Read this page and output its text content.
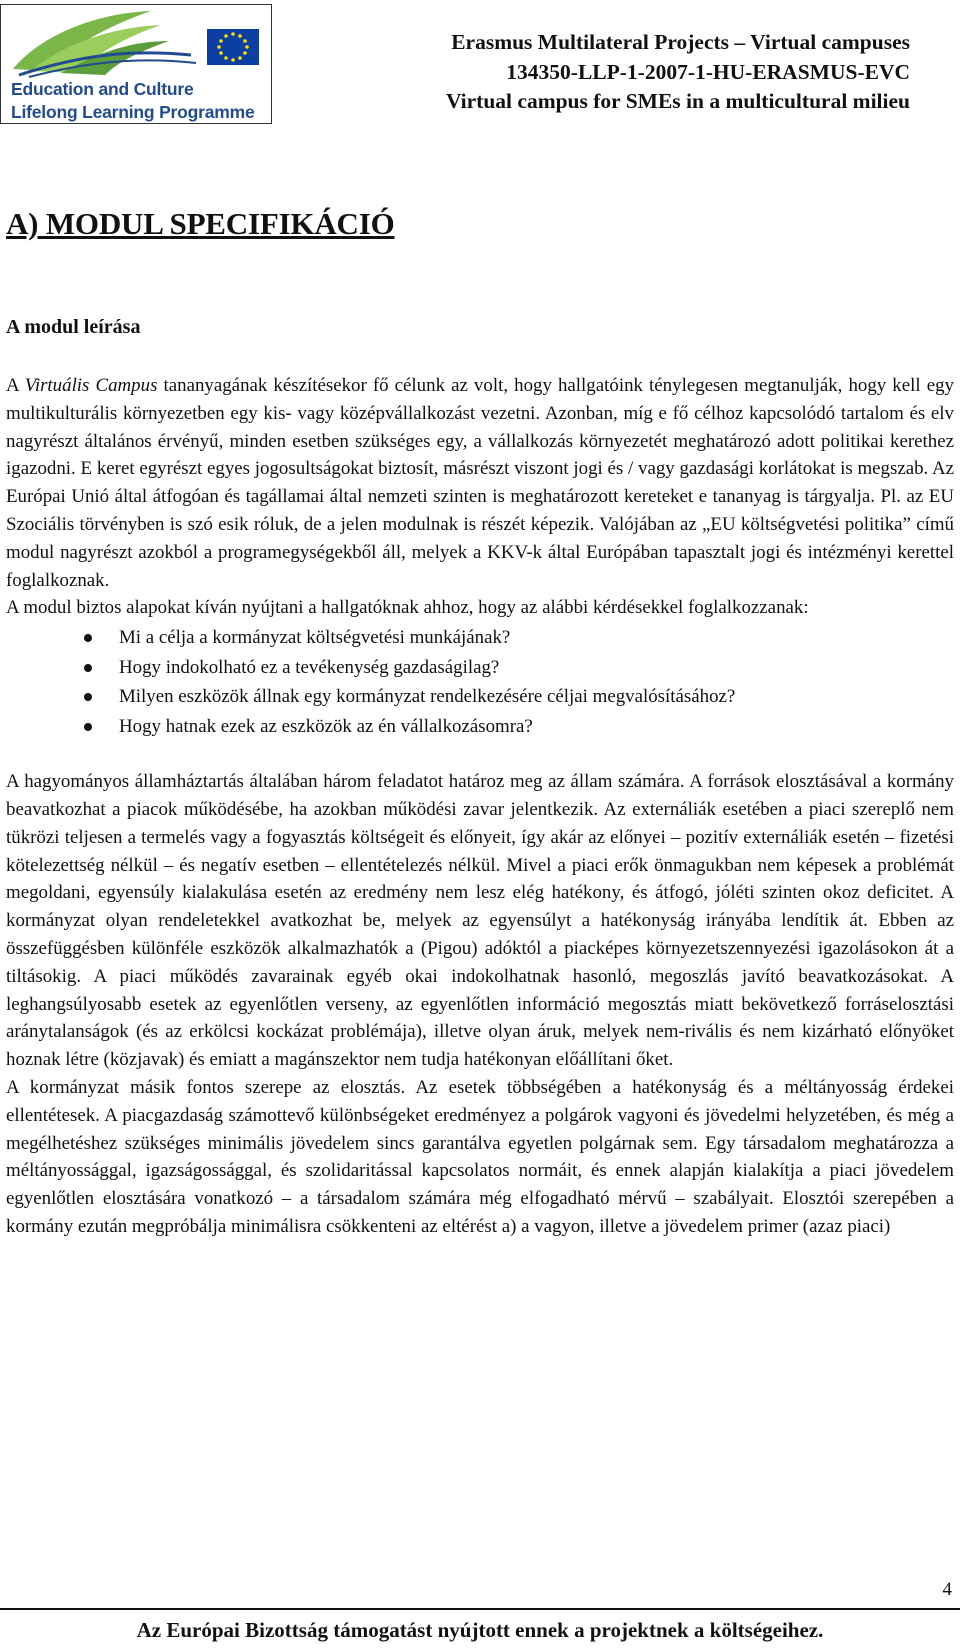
Education and Culture
Lifelong Learning Programme
Erasmus Multilateral Projects – Virtual campuses
134350-LLP-1-2007-1-HU-ERASMUS-EVC
Virtual campus for SMEs in a multicultural milieu
A) MODUL SPECIFIKÁCIÓ
A modul leírása

A Virtuális Campus tananyagának készítésekor fő célunk az volt, hogy hallgatóink ténylegesen megtanulják, hogy kell egy multikulturális környezetben egy kis- vagy középvállalkozást vezetni. Azonban, míg e fő célhoz kapcsolódó tartalom és elv nagyrészt általános érvényű, minden esetben szükséges egy, a vállalkozás környezetét meghatározó adott politikai kerethez igazodni. E keret egyrészt egyes jogosultságokat biztosít, másrészt viszont jogi és / vagy gazdasági korlátokat is megszab. Az Európai Unió által átfogóan és tagállamai által nemzeti szinten is meghatározott kereteket e tananyag is tárgyalja. Pl. az EU Szociális törvényben is szó esik róluk, de a jelen modulnak is részét képezik. Valójában az „EU költségvetési politika” című modul nagyrészt azokból a programegységekből áll, melyek a KKV-k által Európában tapasztalt jogi és intézményi kerettel foglalkoznak.

A modul biztos alapokat kíván nyújtani a hallgatóknak ahhoz, hogy az alábbi kérdésekkel foglalkozzanak:

Mi a célja a kormányzat költségvetési munkájának?
Hogy indokolható ez a tevékenység gazdaságilag?
Milyen eszközök állnak egy kormányzat rendelkezésére céljai megvalósításához?
Hogy hatnak ezek az eszközök az én vállalkozásomra?

A hagyományos államháztartás általában három feladatot határoz meg az állam számára. A források elosztásával a kormány beavatkozhat a piacok működésébe, ha azokban működési zavar jelentkezik. Az externáliák esetében a piaci szereplő nem tükrözi teljesen a termelés vagy a fogyasztás költségeit és előnyeit, így akár az előnyei – pozitív externáliák esetén – fizetési kötelezettség nélkül – és negatív esetben – ellentételezés nélkül. Mivel a piaci erők önmagukban nem képesek a problémát megoldani, egyensúly kialakulása esetén az eredmény nem lesz elég hatékony, és átfogó, jóléti szinten okoz deficitet. A kormányzat olyan rendeletekkel avatkozhat be, melyek az egyensúlyt a hatékonyság irányába lendítik át. Ebben az összefüggésben különféle eszközök alkalmazhatók a (Pigou) adóktól a piacképes környezetszennyezési igazolásokon át a tiltásokig. A piaci működés zavarainak egyéb okai indokolhatnak hasonló, megoszlás javító beavatkozásokat. A leghangsúlyosabb esetek az egyenlőtlen verseny, az egyenlőtlen információ megosztás miatt bekövetkező forráselosztási aránytalanságok (és az erkölcsi kockázat problémája), illetve olyan áruk, melyek nem-rivális és nem kizárható előnyöket hoznak létre (közjavak) és emiatt a magánszektor nem tudja hatékonyan előállítani őket.

A kormányzat másik fontos szerepe az elosztás. Az esetek többségében a hatékonyság és a méltányosság érdekei ellentétesek. A piacgazdaság számottevő különbségeket eredményez a polgárok vagyoni és jövedelmi helyzetében, és még a megélhetéshez szükséges minimális jövedelem sincs garantálva egyetlen polgárnak sem. Egy társadalom meghatározza a méltányossággal, igazságossággal, és szolidaritással kapcsolatos normáit, és ennek alapján kialakítja a piaci jövedelem egyenlőtlen elosztására vonatkozó – a társadalom számára még elfogadható mérvű – szabályait. Elosztói szerepében a kormány ezután megpróbálja minimálisra csökkenteni az eltérést a) a vagyon, illetve a jövedelem primer (azaz piaci)

4
Az Európai Bizottság támogatást nyújtott ennek a projektnek a költségeihez.
